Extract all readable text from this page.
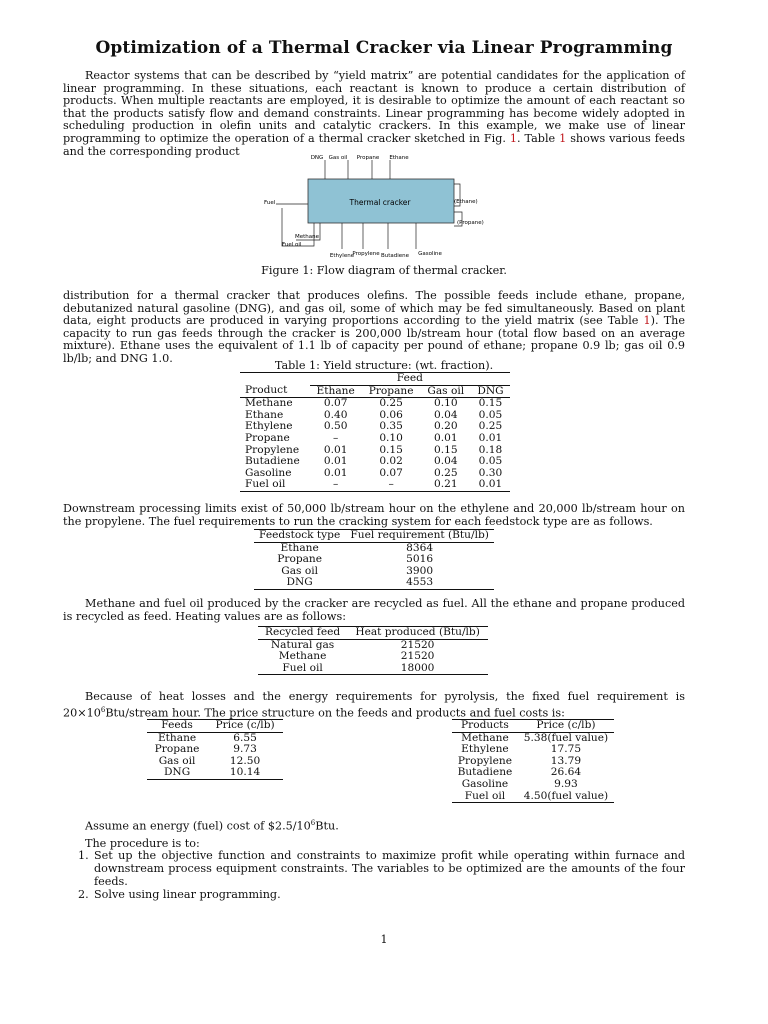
Optimization of a Thermal Cracker via Linear Programming

Reactor systems that can be described by “yield matrix” are potential candidates for the application of linear programming. In these situations, each reactant is known to produce a certain distribution of products. When multiple reactants are employed, it is desirable to optimize the amount of each reactant so that the products satisfy flow and demand constraints. Linear programming has become widely adopted in scheduling production in olefin units and catalytic crackers. In this example, we make use of linear programming to optimize the operation of a thermal cracker sketched in Fig. 1. Table 1 shows various feeds and the corresponding product

Thermal cracker
DNG Gas oil Propane Ethane
Fuel	(Ethane)
(Propane)
Methane
Fuel oil
Ethylene
Propylene Butadiene Gasoline

Figure 1: Flow diagram of thermal cracker.

distribution for a thermal cracker that produces olefins. The possible feeds include ethane, propane, debutanized natural gasoline (DNG), and gas oil, some of which may be fed simultaneously. Based on plant data, eight products are produced in varying proportions according to the yield matrix (see Table 1). The capacity to run gas feeds through the cracker is 200,000 lb/stream hour (total flow based on an average mixture). Ethane uses the equivalent of 1.1 lb of capacity per pound of ethane; propane 0.9 lb; gas oil 0.9 lb/lb; and DNG 1.0.

Table 1: Yield structure: (wt. fraction).

	Feed			
Product	Ethane	Propane	Gas oil	DNG
Methane	0.07	0.25	0.10	0.15
Ethane	0.40	0.06	0.04	0.05
Ethylene	0.50	0.35	0.20	0.25
Propane	–	0.10	0.01	0.01
Propylene	0.01	0.15	0.15	0.18
Butadiene	0.01	0.02	0.04	0.05
Gasoline	0.01	0.07	0.25	0.30
Fuel oil	–	–	0.21	0.01

Downstream processing limits exist of 50,000 lb/stream hour on the ethylene and 20,000 lb/stream hour on the propylene. The fuel requirements to run the cracking system for each feedstock type are as follows.

Feedstock type	Fuel requirement (Btu/lb)
Ethane	8364
Propane	5016
Gas oil	3900
DNG	4553

Methane and fuel oil produced by the cracker are recycled as fuel. All the ethane and propane produced is recycled as feed. Heating values are as follows:

Recycled feed	Heat produced (Btu/lb)
Natural gas	21520
Methane	21520
Fuel oil	18000

Because of heat losses and the energy requirements for pyrolysis, the fixed fuel requirement is $20\times 10^6Btu$/stream hour. The price structure on the feeds and products and fuel costs is:

Feeds	Price (c/lb)
Ethane	6.55
Propane	9.73
Gas oil	12.50
DNG	10.14
Products	Price (c/lb)
Methane	5.38(fuel value)
Ethylene	17.75
Propylene	13.79
Butadiene	26.64
Gasoline	9.93
Fuel oil	4.50(fuel value)

Assume an energy (fuel) cost of $\$2.5/10^6Btu$.

The procedure is to:

1. Set up the objective function and constraints to maximize profit while operating within furnace and downstream process equipment constraints. The variables to be optimized are the amounts of the four feeds.
2. Solve using linear programming.
1
